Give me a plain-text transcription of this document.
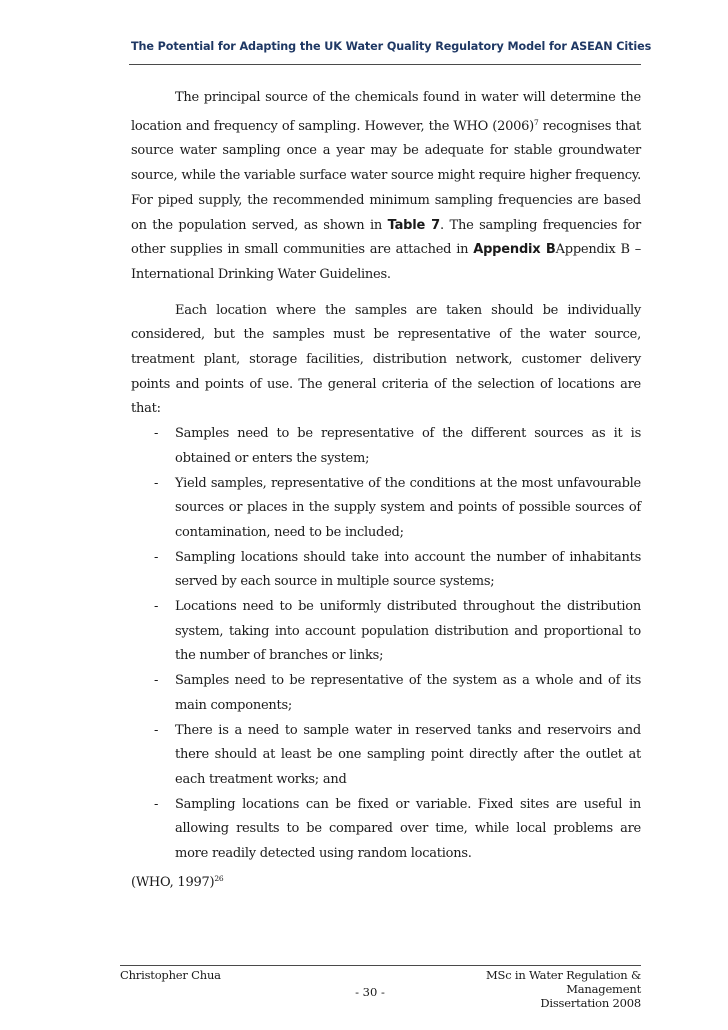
The Potential for Adapting the UK Water Quality Regulatory Model for ASEAN Cities

The principal source of the chemicals found in water will determine the location and frequency of sampling. However, the WHO $(2006)^7$ recognises that source water sampling once a year may be adequate for stable groundwater source, while the variable surface water source might require higher frequency. For piped supply, the recommended minimum sampling frequencies are based on the population served, as shown in Table 7. The sampling frequencies for other supplies in small communities are attached in Appendix BAppendix B – International Drinking Water Guidelines.

Each location where the samples are taken should be individually considered, but the samples must be representative of the water source, treatment plant, storage facilities, distribution network, customer delivery points and points of use. The general criteria of the selection of locations are that:

- Samples need to be representative of the different sources as it is obtained or enters the system;
- Yield samples, representative of the conditions at the most unfavourable sources or places in the supply system and points of possible sources of contamination, need to be included;
- Sampling locations should take into account the number of inhabitants served by each source in multiple source systems;
- Locations need to be uniformly distributed throughout the distribution system, taking into account population distribution and proportional to the number of branches or links;
- Samples need to be representative of the system as a whole and of its main components;
- There is a need to sample water in reserved tanks and reservoirs and there should at least be one sampling point directly after the outlet at each treatment works; and
- Sampling locations can be fixed or variable. Fixed sites are useful in allowing results to be compared over time, while local problems are more readily detected using random locations.

(WHO, 1997)$^{26}$

Christopher Chua	MSc in Water Regulation & Management
Dissertation 2008
- 30 -
